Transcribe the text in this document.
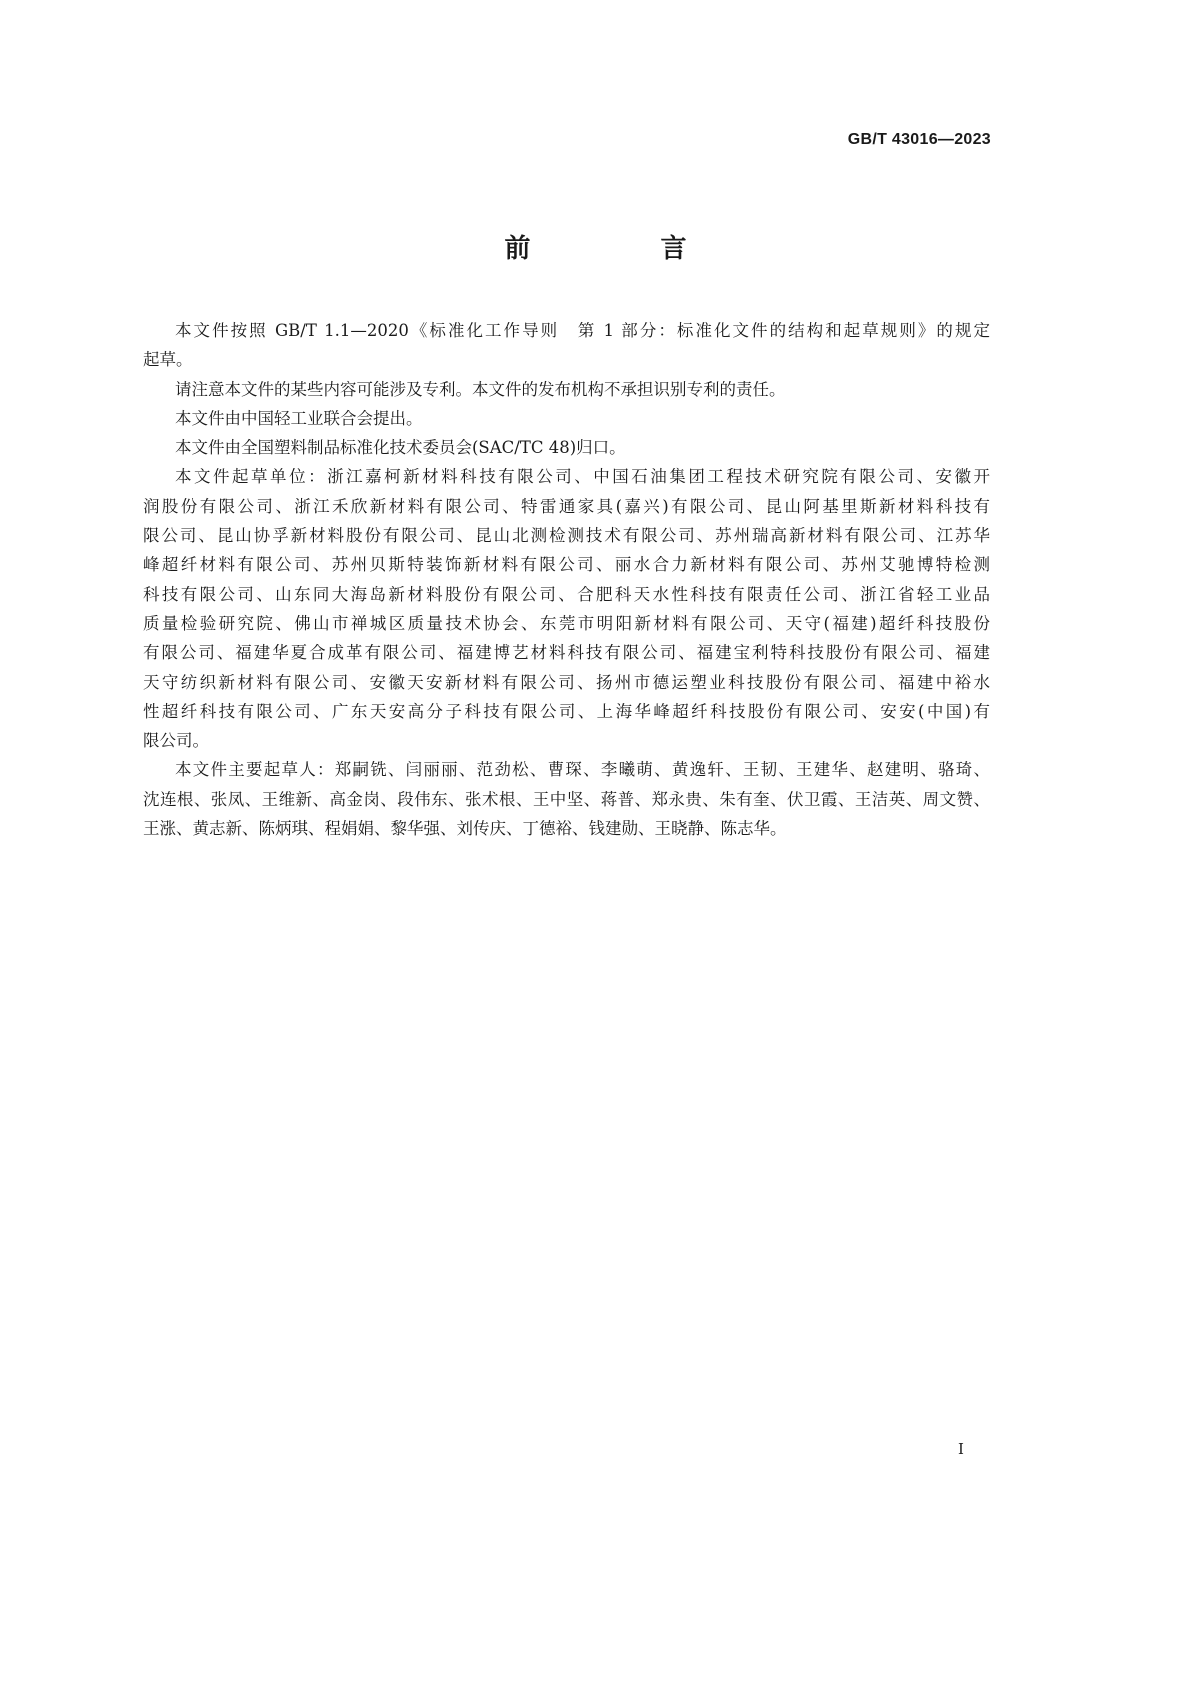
GB/T 43016—2023
前　言
本文件按照 GB/T 1.1—2020《标准化工作导则　第 1 部分：标准化文件的结构和起草规则》的规定
起草。
请注意本文件的某些内容可能涉及专利。本文件的发布机构不承担识别专利的责任。
本文件由中国轻工业联合会提出。
本文件由全国塑料制品标准化技术委员会(SAC/TC 48)归口。
本文件起草单位：浙江嘉柯新材料科技有限公司、中国石油集团工程技术研究院有限公司、安徽开
润股份有限公司、浙江禾欣新材料有限公司、特雷通家具(嘉兴)有限公司、昆山阿基里斯新材料科技有
限公司、昆山协孚新材料股份有限公司、昆山北测检测技术有限公司、苏州瑞高新材料有限公司、江苏华
峰超纤材料有限公司、苏州贝斯特装饰新材料有限公司、丽水合力新材料有限公司、苏州艾驰博特检测
科技有限公司、山东同大海岛新材料股份有限公司、合肥科天水性科技有限责任公司、浙江省轻工业品
质量检验研究院、佛山市禅城区质量技术协会、东莞市明阳新材料有限公司、天守(福建)超纤科技股份
有限公司、福建华夏合成革有限公司、福建博艺材料科技有限公司、福建宝利特科技股份有限公司、福建
天守纺织新材料有限公司、安徽天安新材料有限公司、扬州市德运塑业科技股份有限公司、福建中裕水
性超纤科技有限公司、广东天安高分子科技有限公司、上海华峰超纤科技股份有限公司、安安(中国)有
限公司。
本文件主要起草人：郑嗣铣、闫丽丽、范劲松、曹琛、李曦萌、黄逸轩、王韧、王建华、赵建明、骆琦、
沈连根、张凤、王维新、高金岗、段伟东、张术根、王中坚、蒋普、郑永贵、朱有奎、伏卫霞、王洁英、周文赞、
王涨、黄志新、陈炳琪、程娟娟、黎华强、刘传庆、丁德裕、钱建勋、王晓静、陈志华。
I
